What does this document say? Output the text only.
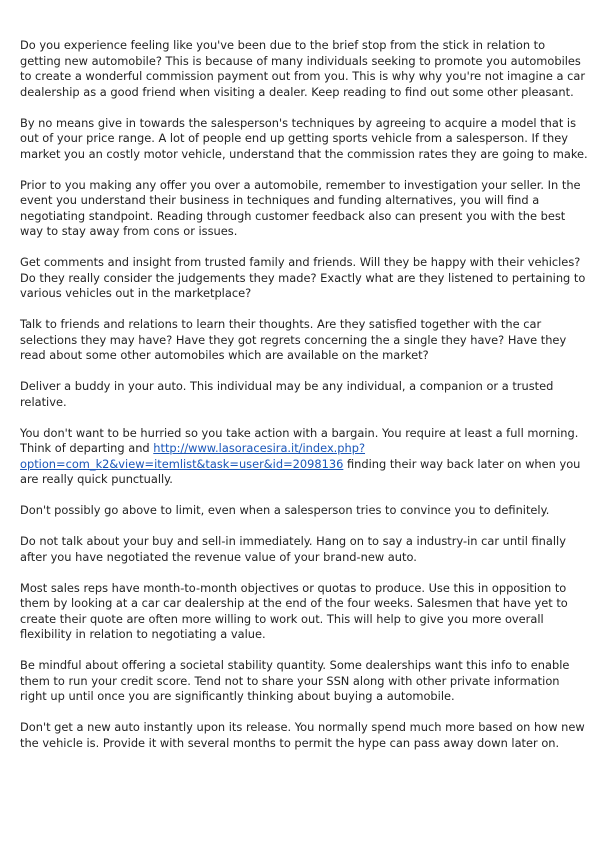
Do you experience feeling like you've been due to the brief stop from the stick in relation to getting new automobile? This is because of many individuals seeking to promote you automobiles to create a wonderful commission payment out from you. This is why why you're not imagine a car dealership as a good friend when visiting a dealer. Keep reading to find out some other pleasant.

By no means give in towards the salesperson's techniques by agreeing to acquire a model that is out of your price range. A lot of people end up getting sports vehicle from a salesperson. If they market you an costly motor vehicle, understand that the commission rates they are going to make.

Prior to you making any offer you over a automobile, remember to investigation your seller. In the event you understand their business in techniques and funding alternatives, you will find a negotiating standpoint. Reading through customer feedback also can present you with the best way to stay away from cons or issues.

Get comments and insight from trusted family and friends. Will they be happy with their vehicles? Do they really consider the judgements they made? Exactly what are they listened to pertaining to various vehicles out in the marketplace?

Talk to friends and relations to learn their thoughts. Are they satisfied together with the car selections they may have? Have they got regrets concerning the a single they have? Have they read about some other automobiles which are available on the market?

Deliver a buddy in your auto. This individual may be any individual, a companion or a trusted relative.

You don't want to be hurried so you take action with a bargain. You require at least a full morning. Think of departing and http://www.lasoracesira.it/index.php?option=com_k2&view=itemlist&task=user&id=2098136 finding their way back later on when you are really quick punctually.

Don't possibly go above to limit, even when a salesperson tries to convince you to definitely.

Do not talk about your buy and sell-in immediately. Hang on to say a industry-in car until finally after you have negotiated the revenue value of your brand-new auto.

Most sales reps have month-to-month objectives or quotas to produce. Use this in opposition to them by looking at a car car dealership at the end of the four weeks. Salesmen that have yet to create their quote are often more willing to work out. This will help to give you more overall flexibility in relation to negotiating a value.

Be mindful about offering a societal stability quantity. Some dealerships want this info to enable them to run your credit score. Tend not to share your SSN along with other private information right up until once you are significantly thinking about buying a automobile.

Don't get a new auto instantly upon its release. You normally spend much more based on how new the vehicle is. Provide it with several months to permit the hype can pass away down later on.
